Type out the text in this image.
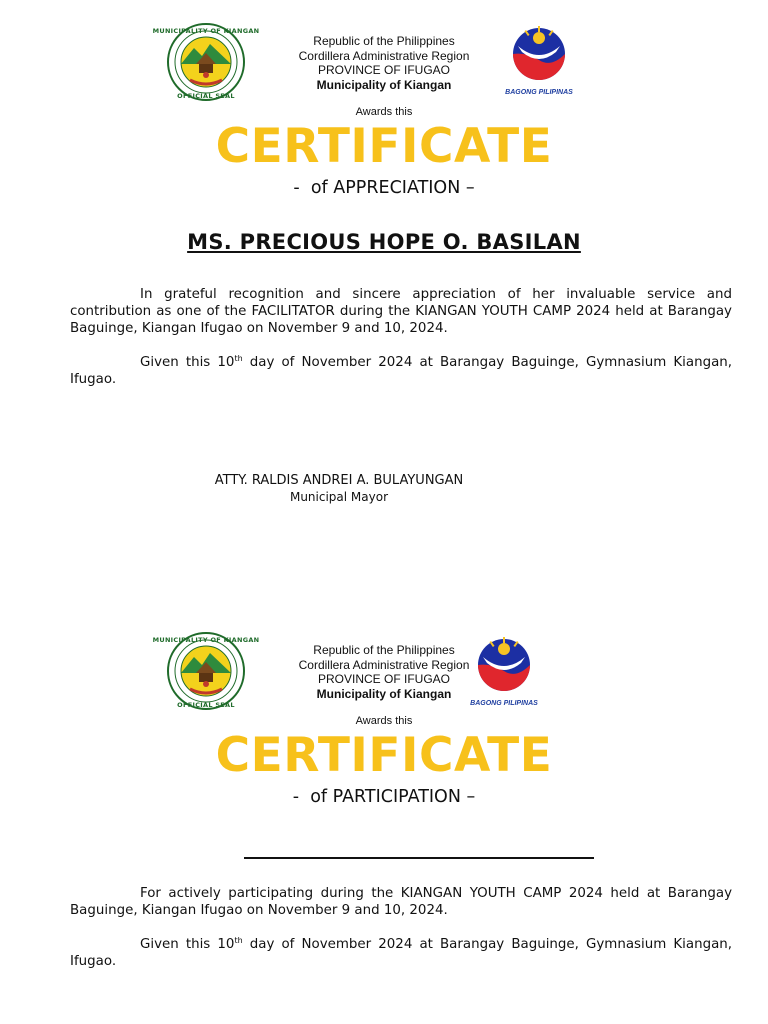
MUNICIPALITY OF KIANGAN
OFFICIAL SEAL
Republic of the Philippines
Cordillera Administrative Region
PROVINCE OF IFUGAO
Municipality of Kiangan
BAGONG PILIPINAS
Awards this
CERTIFICATE
-  of APPRECIATION –
MS. PRECIOUS HOPE O. BASILAN

In grateful recognition and sincere appreciation of her invaluable service and contribution as one of the FACILITATOR during the KIANGAN YOUTH CAMP 2024 held at Barangay Baguinge, Kiangan Ifugao on November 9 and 10, 2024.

Given this 10th day of November 2024 at Barangay Baguinge, Gymnasium Kiangan, Ifugao.

ATTY. RALDIS ANDREI A. BULAYUNGAN
Municipal Mayor
MUNICIPALITY OF KIANGAN
OFFICIAL SEAL
Republic of the Philippines
Cordillera Administrative Region
PROVINCE OF IFUGAO
Municipality of Kiangan
BAGONG PILIPINAS
Awards this
CERTIFICATE
-  of PARTICIPATION –

For actively participating during the KIANGAN YOUTH CAMP 2024 held at Barangay Baguinge, Kiangan Ifugao on November 9 and 10, 2024.

Given this 10th day of November 2024 at Barangay Baguinge, Gymnasium Kiangan, Ifugao.
